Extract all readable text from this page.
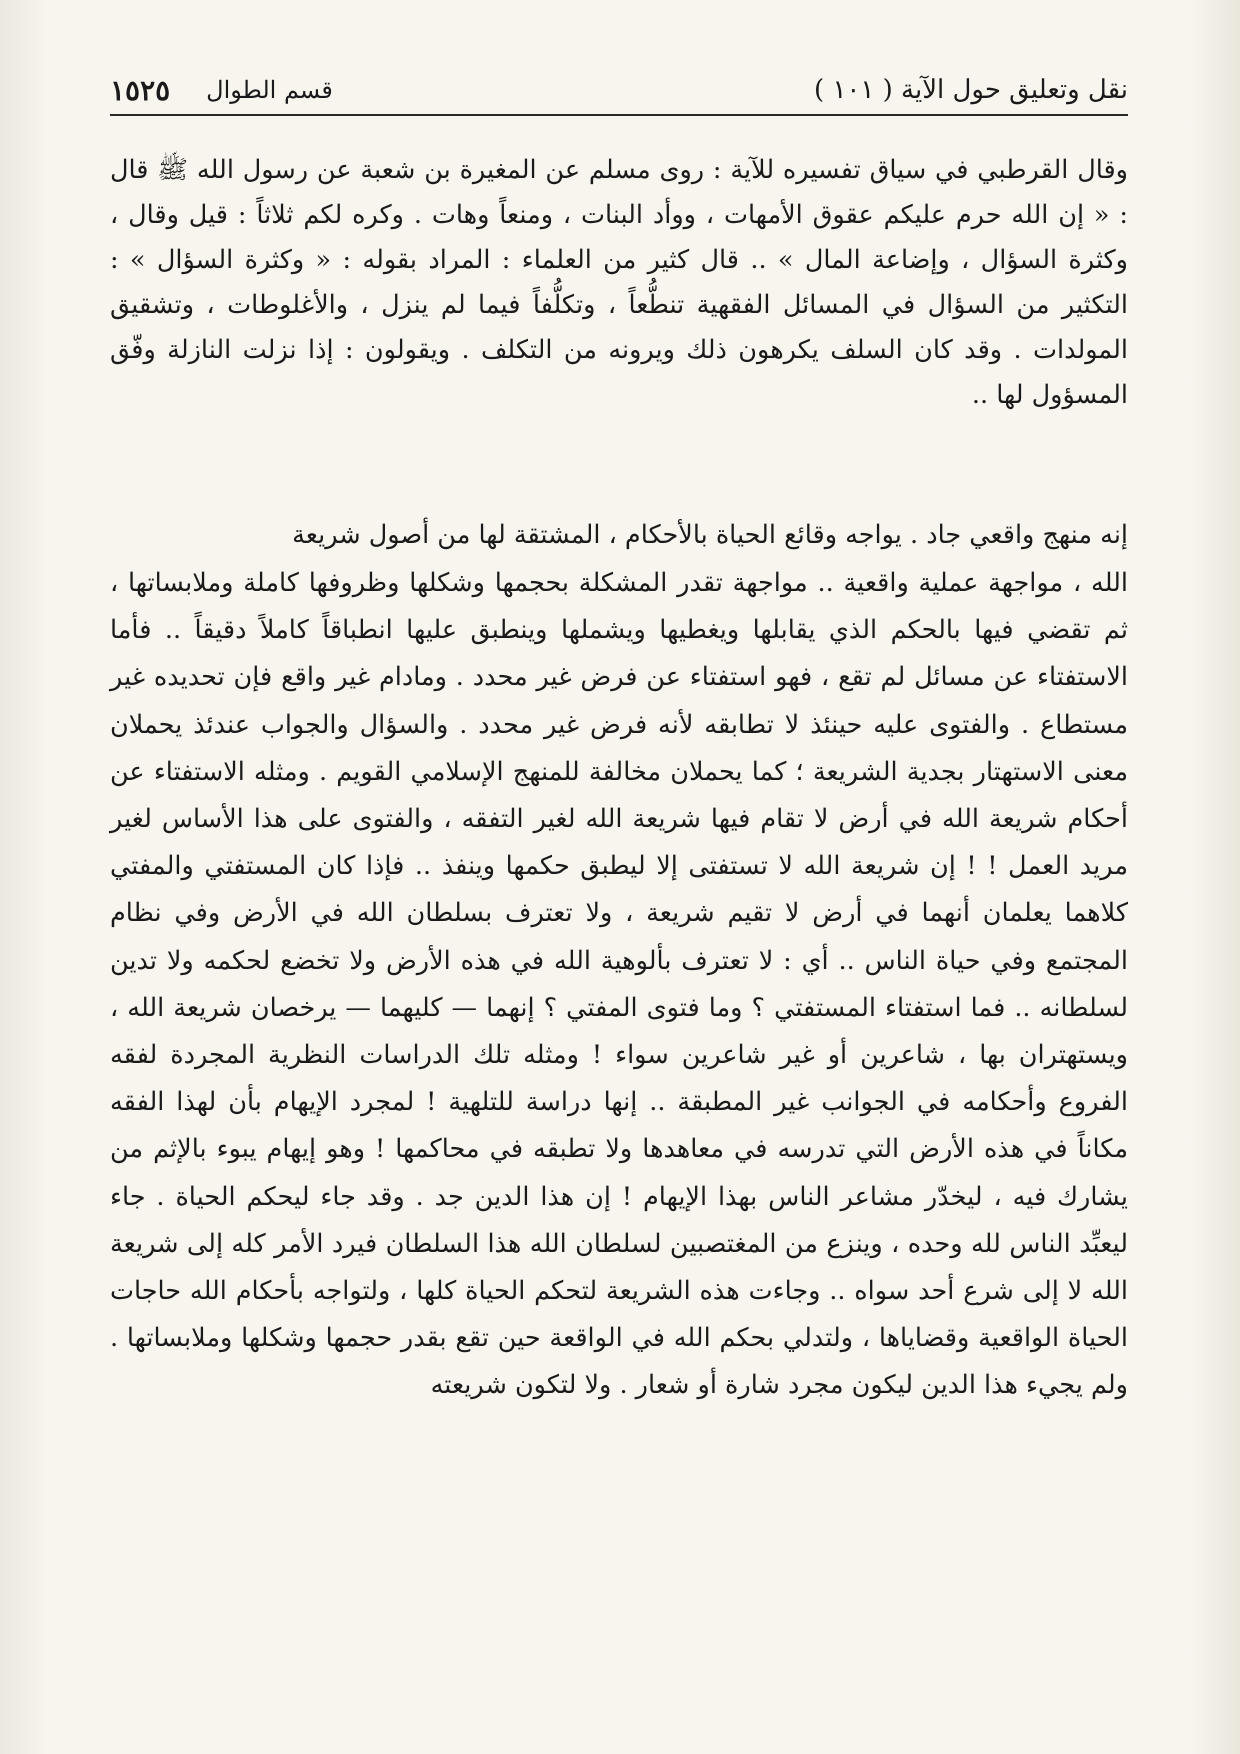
نقل وتعليق حول الآية ( ١٠١ )
قسم الطوال
١٥٢٥

وقال القرطبي في سياق تفسيره للآية : روى مسلم عن المغيرة بن شعبة عن رسول الله ﷺ قال : « إن الله حرم عليكم عقوق الأمهات ، ووأد البنات ، ومنعاً وهات . وكره لكم ثلاثاً : قيل وقال ، وكثرة السؤال ، وإضاعة المال » .. قال كثير من العلماء : المراد بقوله : « وكثرة السؤال » : التكثير من السؤال في المسائل الفقهية تنطُّعاً ، وتكلُّفاً فيما لم ينزل ، والأغلوطات ، وتشقيق المولدات . وقد كان السلف يكرهون ذلك ويرونه من التكلف . ويقولون : إذا نزلت النازلة وفّق المسؤول لها ..

إنه منهج واقعي جاد . يواجه وقائع الحياة بالأحكام ، المشتقة لها من أصول شريعة

الله ، مواجهة عملية واقعية .. مواجهة تقدر المشكلة بحجمها وشكلها وظروفها كاملة وملابساتها ، ثم تقضي فيها بالحكم الذي يقابلها ويغطيها ويشملها وينطبق عليها انطباقاً كاملاً دقيقاً .. فأما الاستفتاء عن مسائل لم تقع ، فهو استفتاء عن فرض غير محدد . ومادام غير واقع فإن تحديده غير مستطاع . والفتوى عليه حينئذ لا تطابقه لأنه فرض غير محدد . والسؤال والجواب عندئذ يحملان معنى الاستهتار بجدية الشريعة ؛ كما يحملان مخالفة للمنهج الإسلامي القويم . ومثله الاستفتاء عن أحكام شريعة الله في أرض لا تقام فيها شريعة الله لغير التفقه ، والفتوى على هذا الأساس لغير مريد العمل ! ! إن شريعة الله لا تستفتى إلا ليطبق حكمها وينفذ .. فإذا كان المستفتي والمفتي كلاهما يعلمان أنهما في أرض لا تقيم شريعة ، ولا تعترف بسلطان الله في الأرض وفي نظام المجتمع وفي حياة الناس .. أي : لا تعترف بألوهية الله في هذه الأرض ولا تخضع لحكمه ولا تدين لسلطانه .. فما استفتاء المستفتي ؟ وما فتوى المفتي ؟ إنهما — كليهما — يرخصان شريعة الله ، ويستهتران بها ، شاعرين أو غير شاعرين سواء ! ومثله تلك الدراسات النظرية المجردة لفقه الفروع وأحكامه في الجوانب غير المطبقة .. إنها دراسة للتلهية ! لمجرد الإيهام بأن لهذا الفقه مكاناً في هذه الأرض التي تدرسه في معاهدها ولا تطبقه في محاكمها ! وهو إيهام يبوء بالإثم من يشارك فيه ، ليخدّر مشاعر الناس بهذا الإيهام ! إن هذا الدين جد . وقد جاء ليحكم الحياة . جاء ليعبِّد الناس لله وحده ، وينزع من المغتصبين لسلطان الله هذا السلطان فيرد الأمر كله إلى شريعة الله لا إلى شرع أحد سواه .. وجاءت هذه الشريعة لتحكم الحياة كلها ، ولتواجه بأحكام الله حاجات الحياة الواقعية وقضاياها ، ولتدلي بحكم الله في الواقعة حين تقع بقدر حجمها وشكلها وملابساتها . ولم يجيء هذا الدين ليكون مجرد شارة أو شعار . ولا لتكون شريعته
